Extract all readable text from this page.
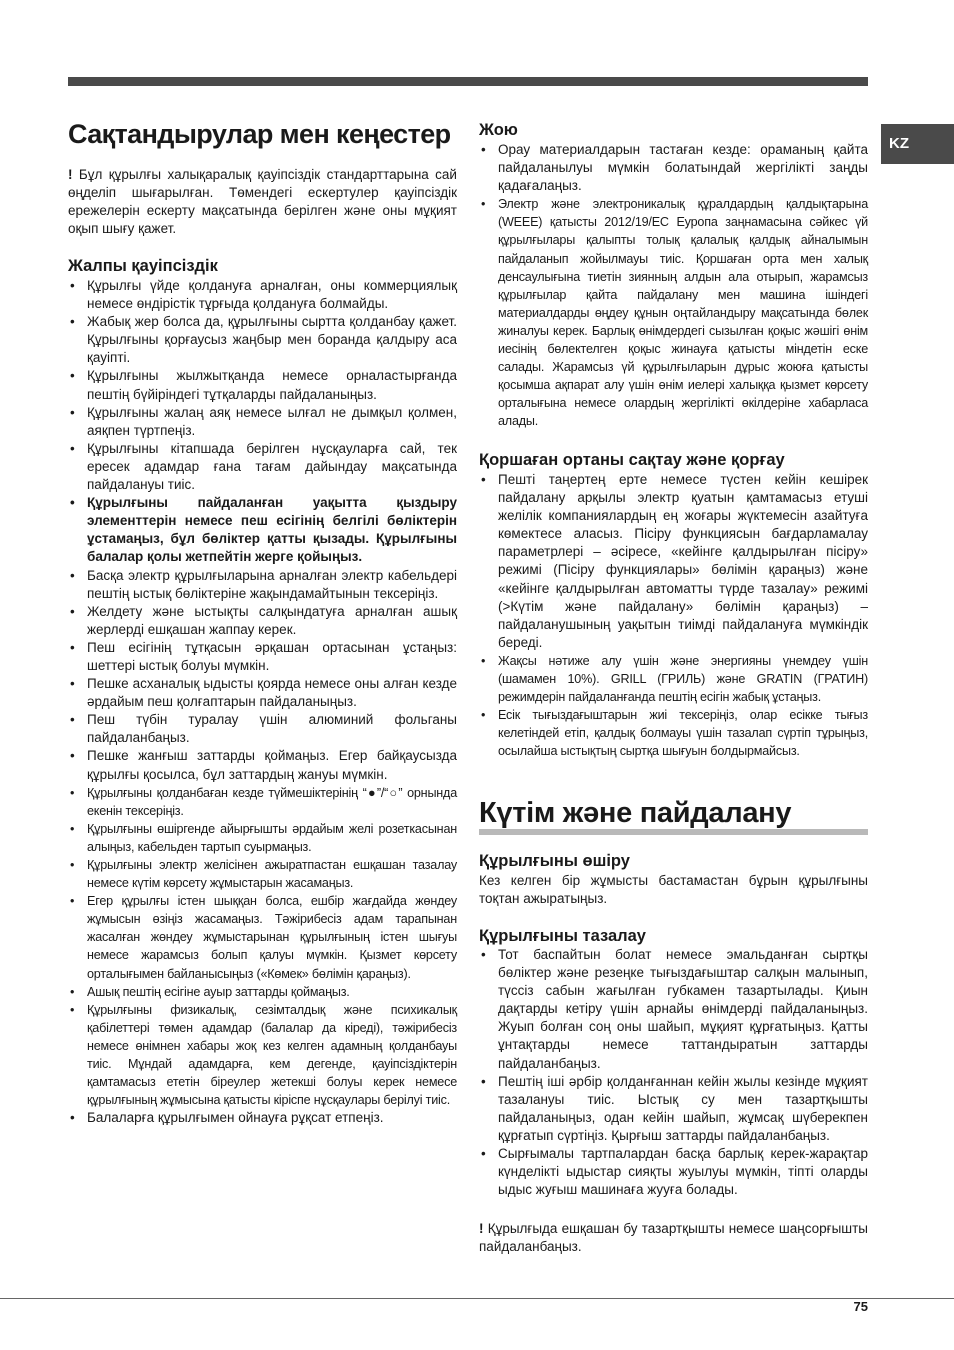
KZ
Сақтандырулар мен кеңестер

! Бұл құрылғы халықаралық қауіпсіздік стандарттарына сай өңделіп шығарылған. Төмендегі ескертулер қауіпсіздік ережелерін ескерту мақсатында берілген және оны мұқият оқып шығу қажет.

Жалпы қауіпсіздік
• Құрылғы үйде қолдануға арналған, оны коммерциялық немесе өндірістік тұрғыда қолдануға болмайды.
• Жабық жер болса да, құрылғыны сыртта қолданбау қажет. Құрылғыны қорғаусыз жаңбыр мен боранда қалдыру аса қауіпті.
• Құрылғыны жылжытқанда немесе орналастырғанда пештің бүйіріндегі тұтқаларды пайдаланыңыз.
• Құрылғыны жалаң аяқ немесе ылғал не дымқыл қолмен, аяқпен түртпеңіз.
• Құрылғыны кітапшада берілген нұсқауларға сай, тек ересек адамдар ғана тағам дайындау мақсатында пайдалануы тиіс.
• Құрылғыны пайдаланған уақытта қыздыру элементтерін немесе пеш есігінің белгілі бөліктерін ұстамаңыз, бұл бөліктер қатты қызады. Құрылғыны балалар қолы жетпейтін жерге қойыңыз.
• Басқа электр құрылғыларына арналған электр кабельдері пештің ыстық бөліктеріне жақындамайтынын тексеріңіз.
• Желдету және ыстықты салқындатуға арналған ашық жерлерді ешқашан жаппау керек.
• Пеш есігінің тұтқасын әрқашан ортасынан ұстаңыз: шеттері ыстық болуы мүмкін.
• Пешке асханалық ыдысты қоярда немесе оны алған кезде әрдайым пеш қолғаптарын пайдаланыңыз.
• Пеш түбін туралау үшін алюминий фольганы пайдаланбаңыз.
• Пешке жанғыш заттарды қоймаңыз. Егер байқаусызда құрылғы қосылса, бұл заттардың жануы мүмкін.
• Құрылғыны қолданбаған кезде түймешіктерінің “●”/“○” орнында екенін тексеріңіз.
• Құрылғыны өшіргенде айырғышты әрдайым желі розеткасынан алыңыз, кабельден тартып суырмаңыз.
• Құрылғыны электр желісінен ажыратпастан ешқашан тазалау немесе күтім көрсету жұмыстарын жасамаңыз.
• Егер құрылғы істен шыққан болса, ешбір жағдайда жөндеу жұмысын өзіңіз жасамаңыз. Тәжірибесіз адам тарапынан жасалған жөндеу жұмыстарынан құрылғының істен шығуы немесе жарамсыз болып қалуы мүмкін. Қызмет көрсету орталығымен байланысыңыз («Көмек» бөлімін қараңыз).
• Ашық пештің есігіне ауыр заттарды қоймаңыз.
• Құрылғыны физикалық, сезімталдық және психикалық қабілеттері төмен адамдар (балалар да кіреді), тәжірибесіз немесе өнімнен хабары жоқ кез келген адамның қолданбауы тиіс. Мұндай адамдарға, кем дегенде, қауіпсіздіктерін қамтамасыз ететін біреулер жетекші болуы керек немесе құрылғының жұмысына қатысты кіріспе нұсқаулары берілуі тиіс.
• Балаларға құрылғымен ойнауға рұқсат етпеңіз.
Жою
• Орау материалдарын тастаған кезде: ораманың қайта пайдаланылуы мүмкін болатындай жергілікті заңды қадағалаңыз.
• Электр және электроникалық құралдардың қалдықтарына (WEEE) қатысты 2012/19/EC Еуропа заңнамасына сәйкес үй құрылғылары қалыпты толық қалалық қалдық айналымын пайдаланып жойылмауы тиіс. Қоршаған орта мен халық денсаулығына тиетін зиянның алдын ала отырып, жарамсыз құрылғылар қайта пайдалану мен машина ішіндегі материалдарды өңдеу құнын оңтайландыру мақсатында бөлек жиналуы керек. Барлық өнімдердегі сызылған қоқыс жәшігі өнім иесінің бөлектелген қоқыс жинауға қатысты міндетін еске салады. Жарамсыз үй құрылғыларын дұрыс жоюға қатысты қосымша ақпарат алу үшін өнім иелері халыққа қызмет көрсету орталығына немесе олардың жергілікті өкілдеріне хабарласа алады.
Қоршаған ортаны сақтау және қорғау
• Пешті таңертең ерте немесе түстен кейін кешірек пайдалану арқылы электр қуатын қамтамасыз етуші желілік компаниялардың ең жоғары жүктемесін азайтуға көмектесе аласыз. Пісіру функциясын бағдарламалау параметрлері – әсіресе, «кейінге қалдырылған пісіру» режимі (Пісіру функциялары» бөлімін қараңыз) және «кейінге қалдырылған автоматты түрде тазалау» режимі (>Күтім және пайдалану» бөлімін қараңыз) – пайдаланушының уақытын тиімді пайдалануға мүмкіндік береді.
• Жақсы нәтиже алу үшін және энергияны үнемдеу үшін (шамамен 10%). GRILL (ГРИЛЬ) және GRATIN (ГРАТИН) режимдерін пайдаланғанда пештің есігін жабық ұстаңыз.
• Есік тығыздағыштарын жиі тексеріңіз, олар есікке тығыз келетіндей етіп, қалдық болмауы үшін тазалап сүртіп тұрыңыз, осылайша ыстықтың сыртқа шығуын болдырмайсыз.
Күтім және пайдалану
Құрылғыны өшіру

Кез келген бір жұмысты бастамастан бұрын құрылғыны тоқтан ажыратыңыз.

Құрылғыны тазалау
• Тот баспайтын болат немесе эмальданған сыртқы бөліктер және резеңке тығыздағыштар салқын малынып, түссіз сабын жағылған губкамен тазартылады. Қиын дақтарды кетіру үшін арнайы өнімдерді пайдаланыңыз. Жуып болған соң оны шайып, мұқият құрғатыңыз. Қатты ұнтақтарды немесе таттандыратын заттарды пайдаланбаңыз.
• Пештің іші әрбір қолданғаннан кейін жылы кезінде мұқият тазалануы тиіс. Ыстық су мен тазартқышты пайдаланыңыз, одан кейін шайып, жұмсақ шүберекпен құрғатып сүртіңіз. Қырғыш заттарды пайдаланбаңыз.
• Сырғымалы тартпалардан басқа барлық керек-жарақтар күнделікті ыдыстар сияқты жуылуы мүмкін, тіпті оларды ыдыс жуғыш машинаға жууға болады.

! Құрылғыда ешқашан бу тазартқышты немесе шаңсорғышты пайдаланбаңыз.

75
